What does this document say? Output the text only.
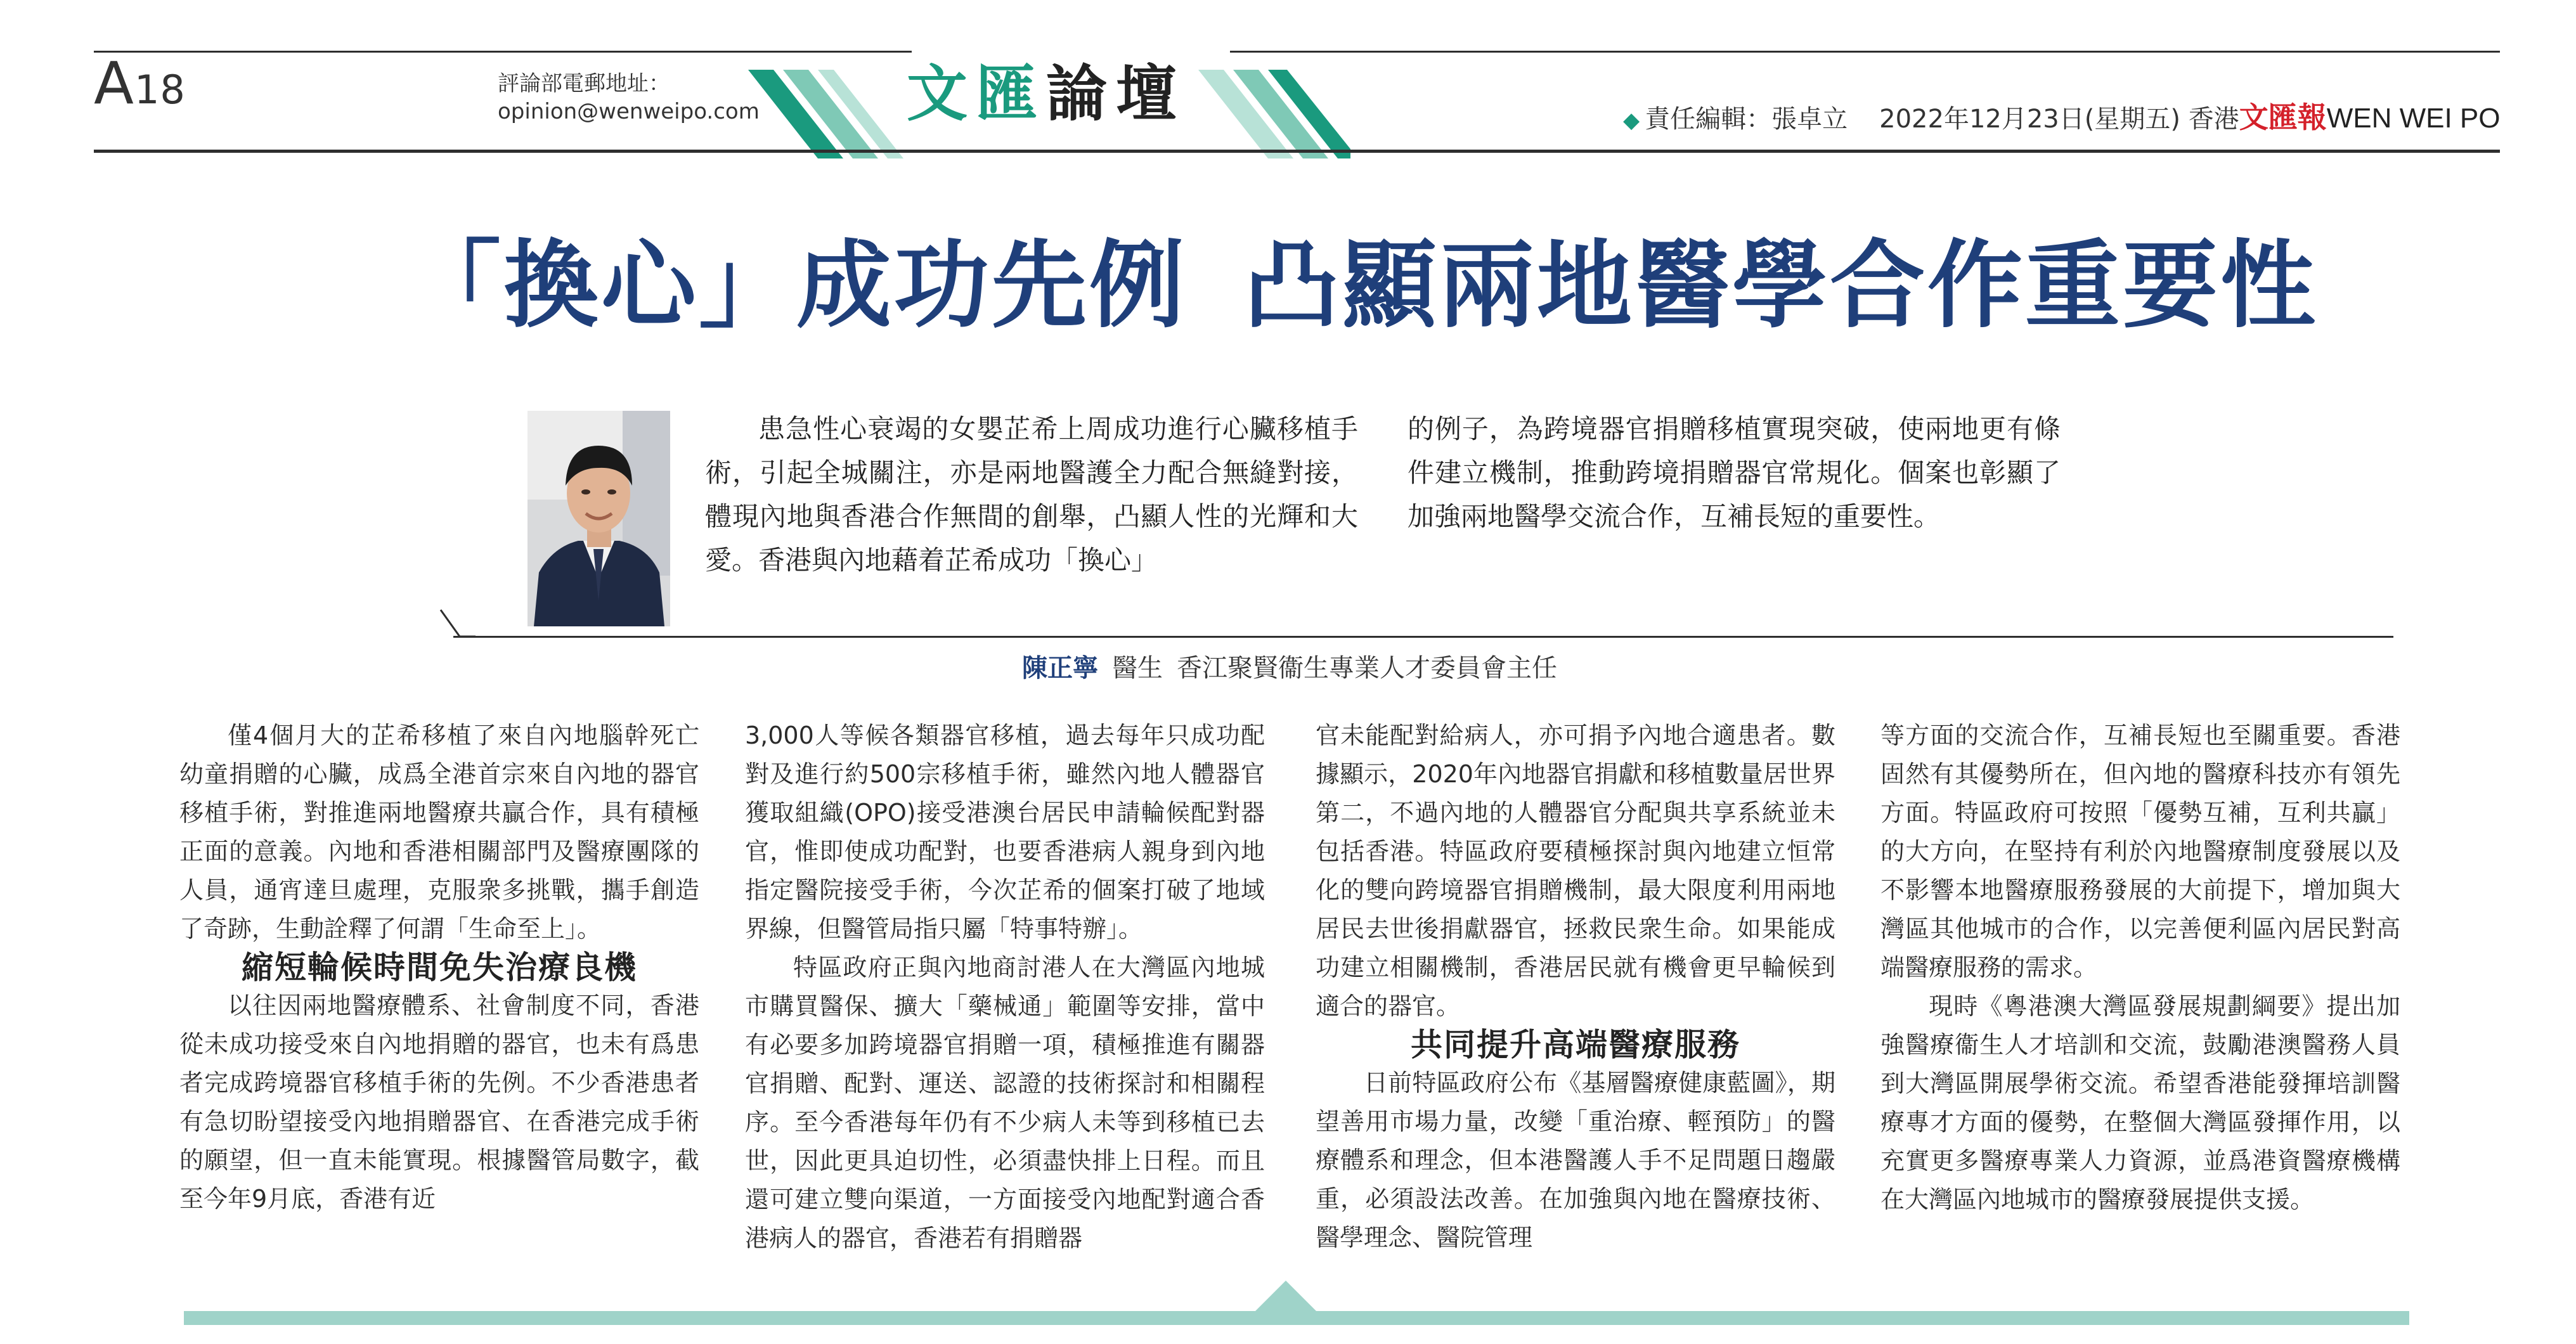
A18	評論部電郵地址：
opinion@wenweipo.com	文匯論壇	◆ 責任編輯：張卓立 2022年12月23日(星期五) 香港文匯報WEN WEI PO
「換心」成功先例 凸顯兩地醫學合作重要性
患急性心衰竭的女嬰芷希上周成功進行心臟移植手術，引起全城關注，亦是兩地醫護全力配合無縫對接，體現內地與香港合作無間的創舉，凸顯人性的光輝和大愛。香港與內地藉着芷希成功「換心」
的例子，為跨境器官捐贈移植實現突破，使兩地更有條件建立機制，推動跨境捐贈器官常規化。個案也彰顯了加強兩地醫學交流合作，互補長短的重要性。
陳正寧 醫生 香江聚賢衞生專業人才委員會主任

僅4個月大的芷希移植了來自內地腦幹死亡幼童捐贈的心臟，成爲全港首宗來自內地的器官移植手術，對推進兩地醫療共贏合作，具有積極正面的意義。內地和香港相關部門及醫療團隊的人員，通宵達旦處理，克服衆多挑戰，攜手創造了奇跡，生動詮釋了何謂「生命至上」。

縮短輪候時間免失治療良機

以往因兩地醫療體系、社會制度不同，香港從未成功接受來自內地捐贈的器官，也未有爲患者完成跨境器官移植手術的先例。不少香港患者有急切盼望接受內地捐贈器官、在香港完成手術的願望，但一直未能實現。根據醫管局數字，截至今年9月底，香港有近

3,000人等候各類器官移植，過去每年只成功配對及進行約500宗移植手術，雖然內地人體器官獲取組織(OPO)接受港澳台居民申請輪候配對器官，惟即使成功配對，也要香港病人親身到內地指定醫院接受手術，今次芷希的個案打破了地域界線，但醫管局指只屬「特事特辦」。

特區政府正與內地商討港人在大灣區內地城市購買醫保、擴大「藥械通」範圍等安排，當中有必要多加跨境器官捐贈一項，積極推進有關器官捐贈、配對、運送、認證的技術探討和相關程序。至今香港每年仍有不少病人未等到移植已去世，因此更具迫切性，必須盡快排上日程。而且還可建立雙向渠道，一方面接受內地配對適合香港病人的器官，香港若有捐贈器

官未能配對給病人，亦可捐予內地合適患者。數據顯示，2020年內地器官捐獻和移植數量居世界第二，不過內地的人體器官分配與共享系統並未包括香港。特區政府要積極探討與內地建立恒常化的雙向跨境器官捐贈機制，最大限度利用兩地居民去世後捐獻器官，拯救民衆生命。如果能成功建立相關機制，香港居民就有機會更早輪候到適合的器官。

共同提升高端醫療服務

日前特區政府公布《基層醫療健康藍圖》，期望善用市場力量，改變「重治療、輕預防」的醫療體系和理念，但本港醫護人手不足問題日趨嚴重，必須設法改善。在加強與內地在醫療技術、醫學理念、醫院管理

等方面的交流合作，互補長短也至關重要。香港固然有其優勢所在，但內地的醫療科技亦有領先方面。特區政府可按照「優勢互補，互利共贏」的大方向，在堅持有利於內地醫療制度發展以及不影響本地醫療服務發展的大前提下，增加與大灣區其他城市的合作，以完善便利區內居民對高端醫療服務的需求。

現時《粵港澳大灣區發展規劃綱要》提出加強醫療衞生人才培訓和交流，鼓勵港澳醫務人員到大灣區開展學術交流。希望香港能發揮培訓醫療專才方面的優勢，在整個大灣區發揮作用，以充實更多醫療專業人力資源，並爲港資醫療機構在大灣區內地城市的醫療發展提供支援。
